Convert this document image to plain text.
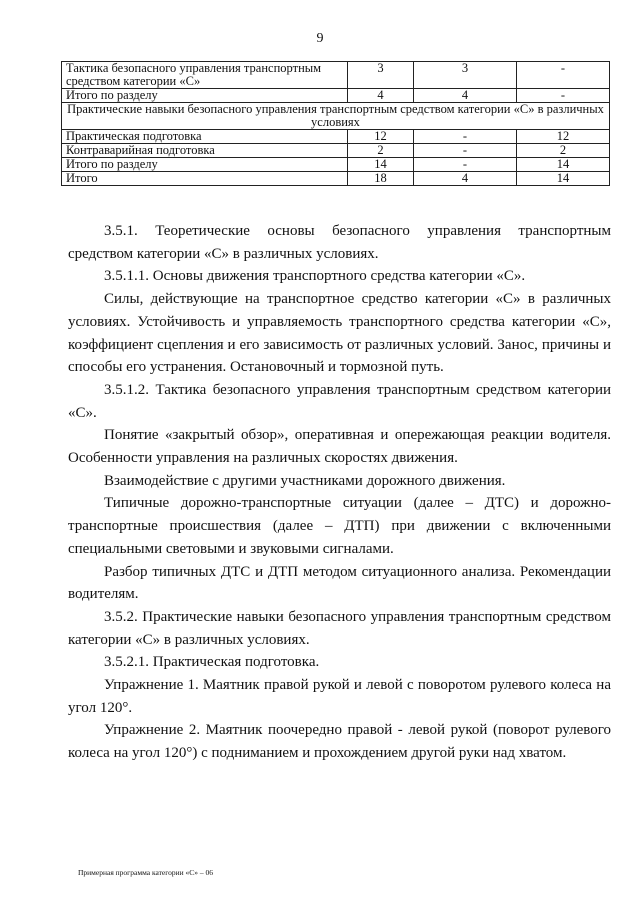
9
Тактика безопасного управления транспортным средством категории «С»	3	3	-
Итого по разделу	4	4	-
Практические навыки безопасного управления транспортным средством категории «С» в различных условиях			
Практическая подготовка	12	-	12
Контраварийная подготовка	2	-	2
Итого по разделу	14	-	14
Итого	18	4	14

3.5.1. Теоретические основы безопасного управления транспортным средством категории «С» в различных условиях.

3.5.1.1. Основы движения транспортного средства категории «С».

Силы, действующие на транспортное средство категории «С» в различных условиях. Устойчивость и управляемость транспортного средства категории «С», коэффициент сцепления и его зависимость от различных условий. Занос, причины и способы его устранения. Остановочный и тормозной путь.

3.5.1.2. Тактика безопасного управления транспортным средством категории «С».

Понятие «закрытый обзор», оперативная и опережающая реакции водителя. Особенности управления на различных скоростях движения.

Взаимодействие с другими участниками дорожного движения.

Типичные дорожно-транспортные ситуации (далее – ДТС) и дорожно-транспортные происшествия (далее – ДТП) при движении с включенными специальными световыми и звуковыми сигналами.

Разбор типичных ДТС и ДТП методом ситуационного анализа. Рекомендации водителям.

3.5.2. Практические навыки безопасного управления транспортным средством категории «С» в различных условиях.

3.5.2.1. Практическая подготовка.

Упражнение 1. Маятник правой рукой и левой с поворотом рулевого колеса на угол 120°.

Упражнение 2. Маятник поочередно правой - левой рукой (поворот рулевого колеса на угол 120°) с подниманием и прохождением другой руки над хватом.

Примерная программа категории «С» – 06
